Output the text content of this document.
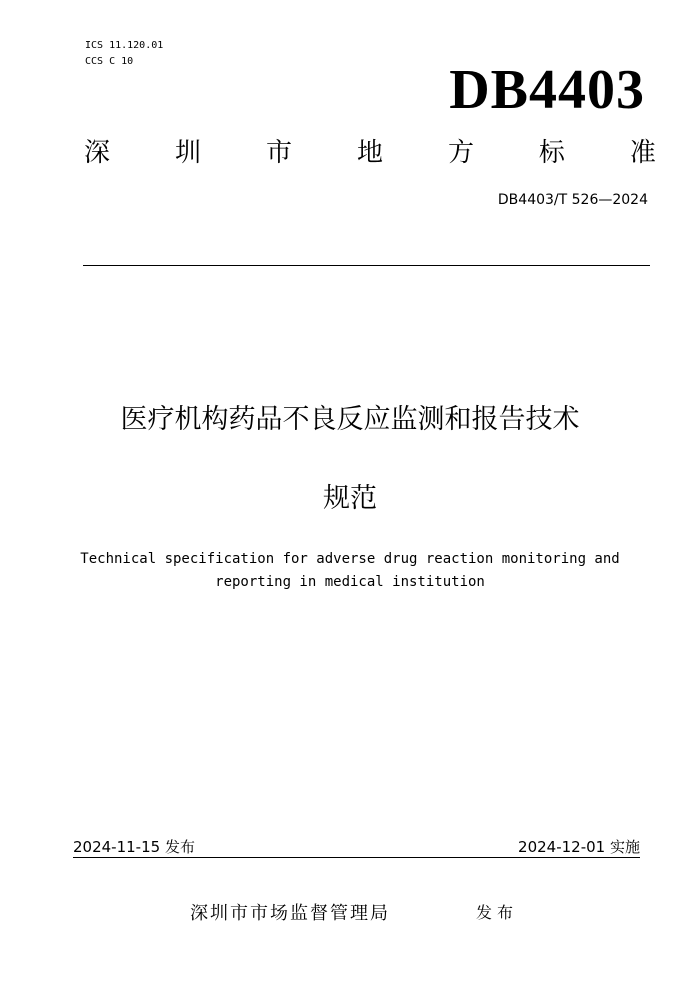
ICS 11.120.01
CCS C 10	DB4403
深 圳 市 地 方 标 准
DB4403/T 526—2024
医疗机构药品不良反应监测和报告技术
规范
Technical specification for adverse drug reaction monitoring and
reporting in medical institution
2024-11-15 发布	2024-12-01 实施
深圳市市场监督管理局	发布
